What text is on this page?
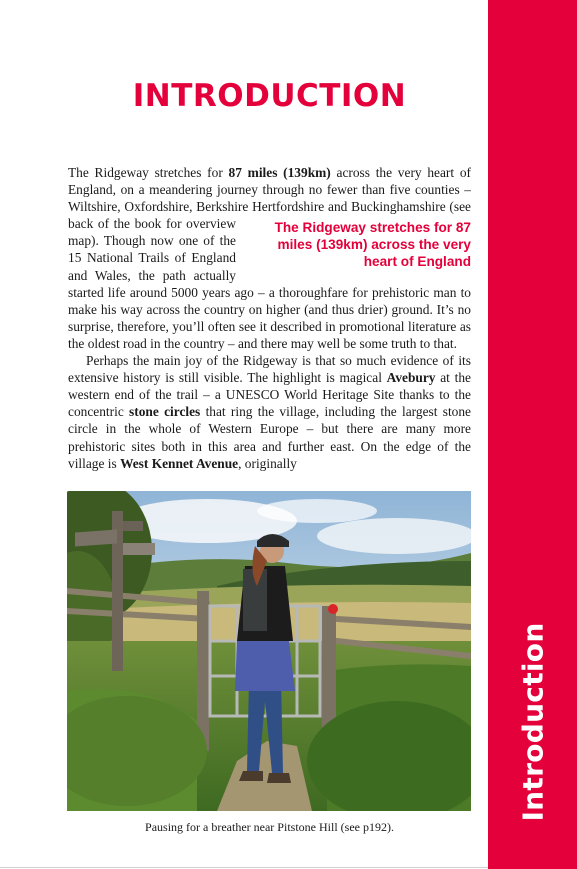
Introduction
INTRODUCTION

The Ridgeway stretches for 87 miles (139km) across the very heart of England, on a meandering journey through no fewer than five counties – Wiltshire, Oxfordshire, Berkshire Hertfordshire and
The Ridgeway stretches for 87 miles (139km) across the very heart of England
Buckinghamshire (see back of the book for overview map). Though now one of the 15 National Trails of England and Wales, the path actually started life around 5000 years ago – a thoroughfare for prehistoric man to make his way across the country on higher (and thus drier) ground. It’s no surprise, therefore, you’ll often see it described in promotional literature as the oldest road in the country – and there may well be some truth to that.

Perhaps the main joy of the Ridgeway is that so much evidence of its extensive history is still visible. The highlight is magical Avebury at the western end of the trail – a UNESCO World Heritage Site thanks to the concentric stone circles that ring the village, including the largest stone circle in the whole of Western Europe – but there are many more prehistoric sites both in this area and further east. On the edge of the village is West Kennet Avenue, originally

Pausing for a breather near Pitstone Hill (see p192).
